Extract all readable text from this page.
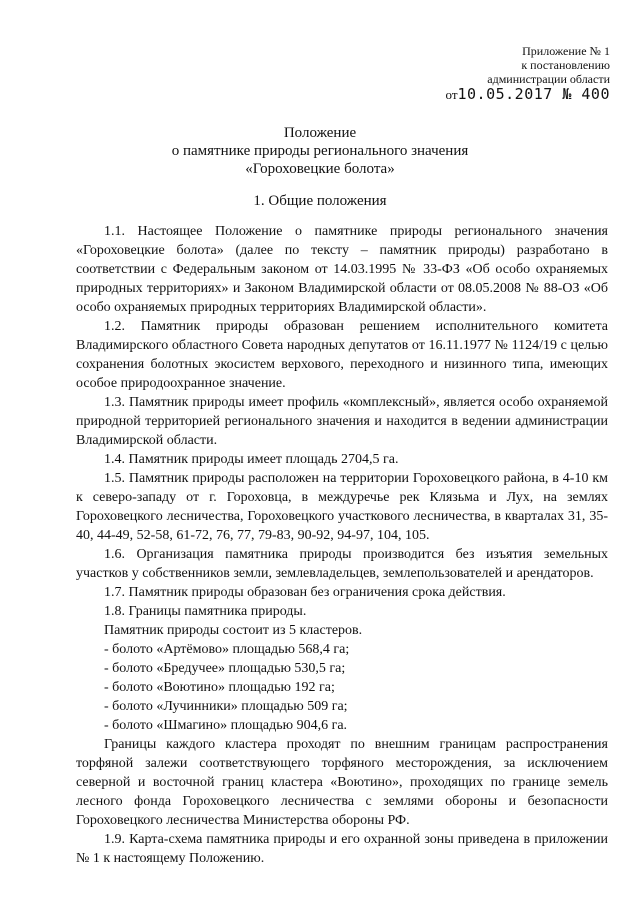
Приложение № 1
к постановлению
администрации области
от10.05.2017 № 400
Положение
о памятнике природы регионального значения
«Гороховецкие болота»
1. Общие положения

1.1. Настоящее Положение о памятнике природы регионального значения «Гороховецкие болота» (далее по тексту – памятник природы) разработано в соответствии с Федеральным законом от 14.03.1995 № 33-ФЗ «Об особо охраняемых природных территориях» и Законом Владимирской области от 08.05.2008 № 88-ОЗ «Об особо охраняемых природных территориях Владимирской области».

1.2. Памятник природы образован решением исполнительного комитета Владимирского областного Совета народных депутатов от 16.11.1977 № 1124/19 с целью сохранения болотных экосистем верхового, переходного и низинного типа, имеющих особое природоохранное значение.

1.3. Памятник природы имеет профиль «комплексный», является особо охраняемой природной территорией регионального значения и находится в ведении администрации Владимирской области.

1.4. Памятник природы имеет площадь 2704,5 га.

1.5. Памятник природы расположен на территории Гороховецкого района, в 4-10 км к северо-западу от г. Гороховца, в междуречье рек Клязьма и Лух, на землях Гороховецкого лесничества, Гороховецкого участкового лесничества, в кварталах 31, 35-40, 44-49, 52-58, 61-72, 76, 77, 79-83, 90-92, 94-97, 104, 105.

1.6. Организация памятника природы производится без изъятия земельных участков у собственников земли, землевладельцев, землепользователей и арендаторов.

1.7. Памятник природы образован без ограничения срока действия.

1.8. Границы памятника природы.

Памятник природы состоит из 5 кластеров.

- болото «Артёмово» площадью 568,4 га;
- болото «Бредучее» площадью 530,5 га;
- болото «Воютино» площадью 192 га;
- болото «Лучинники» площадью 509 га;
- болото «Шмагино» площадью 904,6 га.

Границы каждого кластера проходят по внешним границам распространения торфяной залежи соответствующего торфяного месторождения, за исключением северной и восточной границ кластера «Воютино», проходящих по границе земель лесного фонда Гороховецкого лесничества с землями обороны и безопасности Гороховецкого лесничества Министерства обороны РФ.

1.9. Карта-схема памятника природы и его охранной зоны приведена в приложении № 1 к настоящему Положению.
